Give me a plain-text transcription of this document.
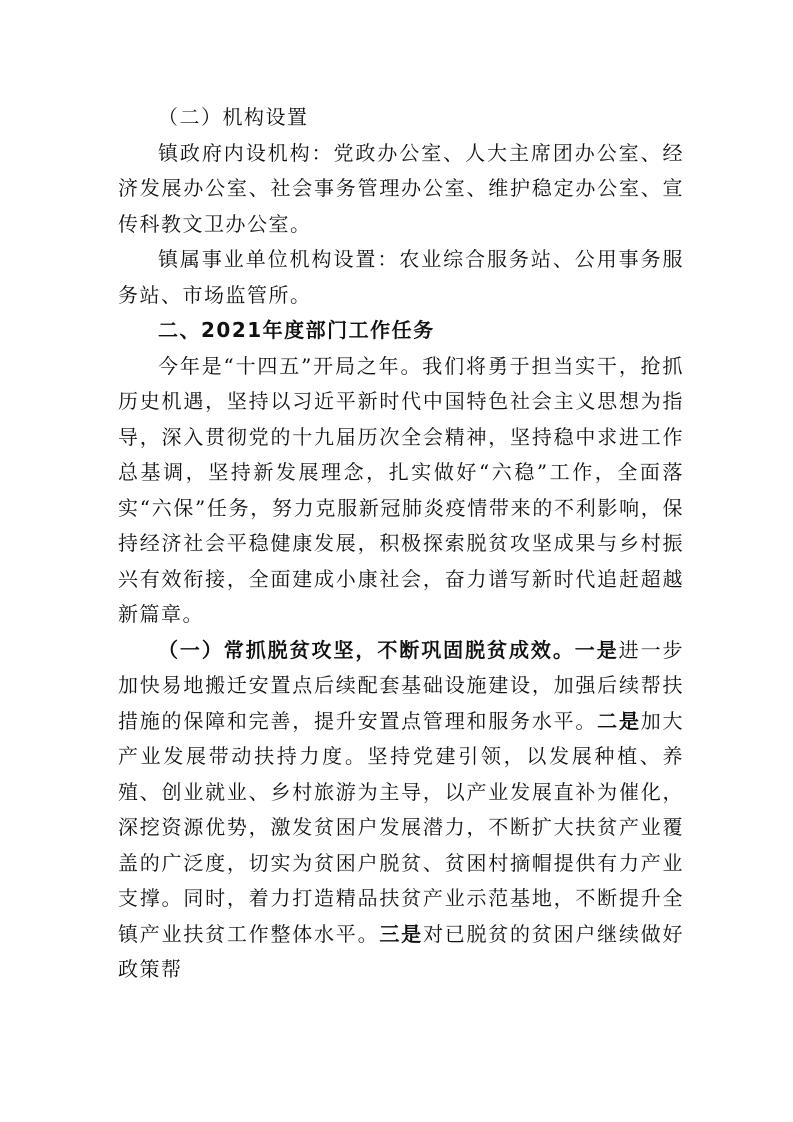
（二）机构设置

镇政府内设机构：党政办公室、人大主席团办公室、经济发展办公室、社会事务管理办公室、维护稳定办公室、宣传科教文卫办公室。

镇属事业单位机构设置：农业综合服务站、公用事务服务站、市场监管所。

二、2021年度部门工作任务

今年是“十四五”开局之年。我们将勇于担当实干，抢抓历史机遇，坚持以习近平新时代中国特色社会主义思想为指导，深入贯彻党的十九届历次全会精神，坚持稳中求进工作总基调，坚持新发展理念，扎实做好“六稳”工作，全面落实“六保”任务，努力克服新冠肺炎疫情带来的不利影响，保持经济社会平稳健康发展，积极探索脱贫攻坚成果与乡村振兴有效衔接，全面建成小康社会，奋力谱写新时代追赶超越新篇章。

（一）常抓脱贫攻坚，不断巩固脱贫成效。一是进一步加快易地搬迁安置点后续配套基础设施建设，加强后续帮扶措施的保障和完善，提升安置点管理和服务水平。二是加大产业发展带动扶持力度。坚持党建引领，以发展种植、养殖、创业就业、乡村旅游为主导，以产业发展直补为催化，深挖资源优势，激发贫困户发展潜力，不断扩大扶贫产业覆盖的广泛度，切实为贫困户脱贫、贫困村摘帽提供有力产业支撑。同时，着力打造精品扶贫产业示范基地，不断提升全镇产业扶贫工作整体水平。三是对已脱贫的贫困户继续做好政策帮
